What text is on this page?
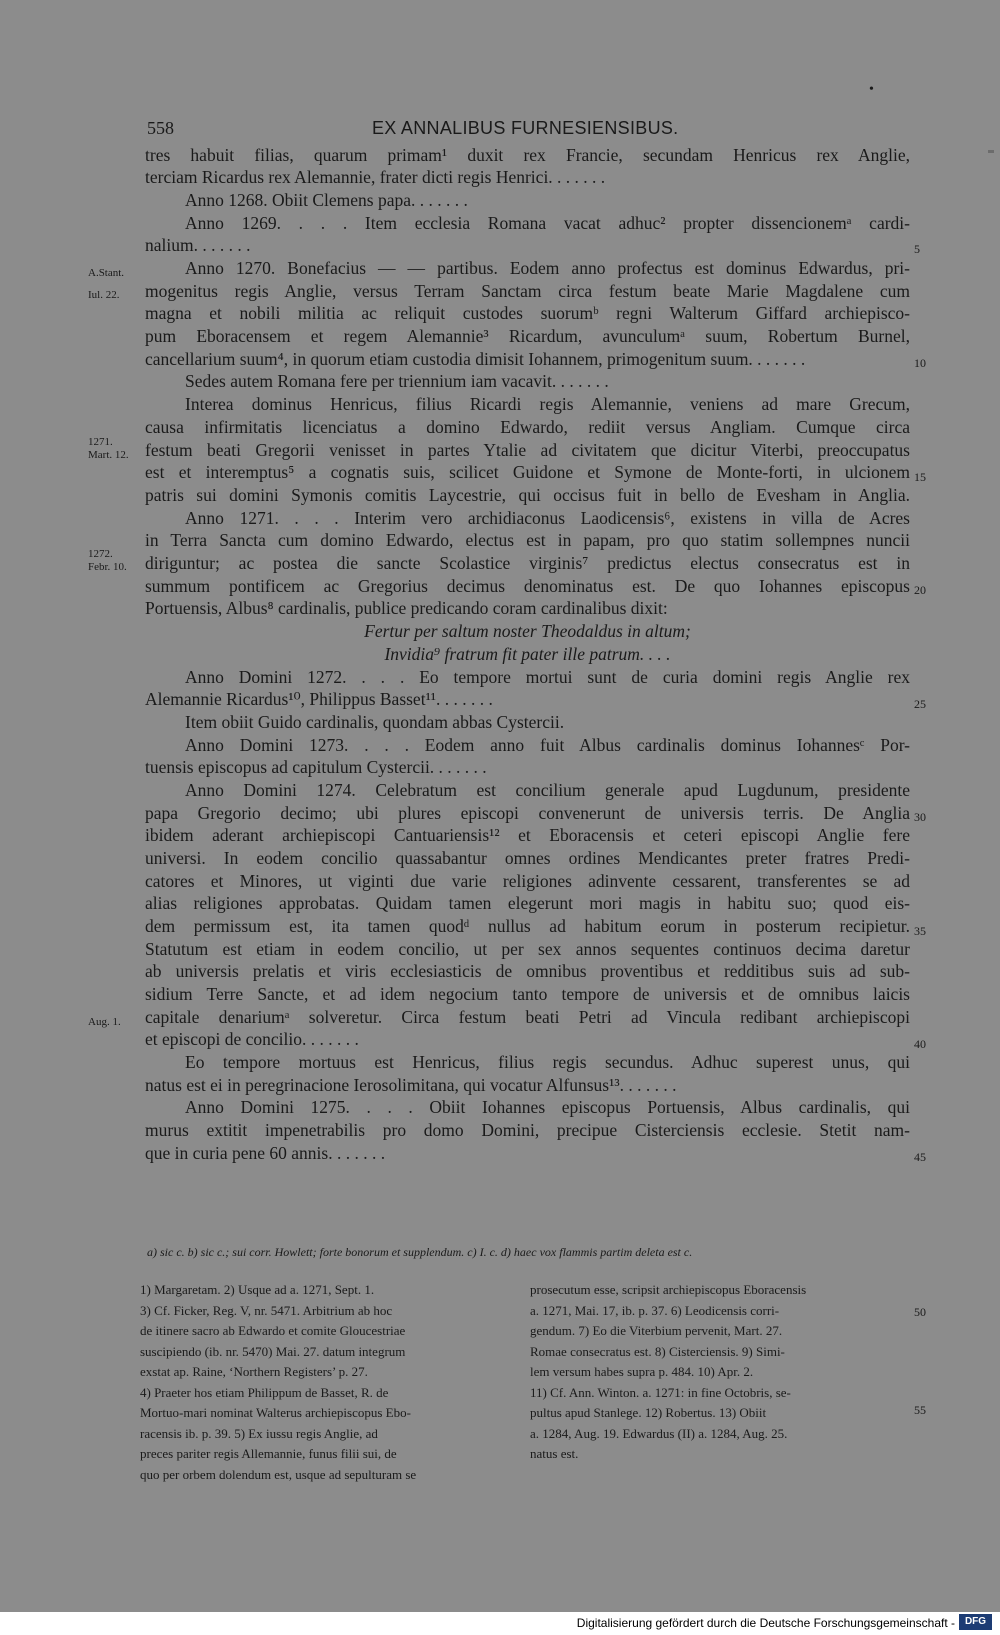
558	EX ANNALIBUS FURNESIENSIBUS.
•
tres habuit filias, quarum primam¹ duxit rex Francie, secundam Henricus rex Anglie,
terciam Ricardus rex Alemannie, frater dicti regis Henrici. . . . . . .
Anno 1268. Obiit Clemens papa. . . . . . .
Anno 1269. . . . Item ecclesia Romana vacat adhuc² propter dissencionemᵃ cardi-
nalium. . . . . . .
Anno 1270. Bonefacius — — partibus. Eodem anno profectus est dominus Edwardus, pri-
mogenitus regis Anglie, versus Terram Sanctam circa festum beate Marie Magdalene cum
magna et nobili militia ac reliquit custodes suorumᵇ regni Walterum Giffard archiepisco-
pum Eboracensem et regem Alemannie³ Ricardum, avunculumᵃ suum, Robertum Burnel,
cancellarium suum⁴, in quorum etiam custodia dimisit Iohannem, primogenitum suum. . . . . . .
Sedes autem Romana fere per triennium iam vacavit. . . . . . .
Interea dominus Henricus, filius Ricardi regis Alemannie, veniens ad mare Grecum,
causa infirmitatis licenciatus a domino Edwardo, rediit versus Angliam. Cumque circa
festum beati Gregorii venisset in partes Ytalie ad civitatem que dicitur Viterbi, preoccupatus
est et interemptus⁵ a cognatis suis, scilicet Guidone et Symone de Monte-forti, in ulcionem
patris sui domini Symonis comitis Laycestrie, qui occisus fuit in bello de Evesham in Anglia.
Anno 1271. . . . Interim vero archidiaconus Laodicensis⁶, existens in villa de Acres
in Terra Sancta cum domino Edwardo, electus est in papam, pro quo statim sollempnes nuncii
diriguntur; ac postea die sancte Scolastice virginis⁷ predictus electus consecratus est in
summum pontificem ac Gregorius decimus denominatus est. De quo Iohannes episcopus
Portuensis, Albus⁸ cardinalis, publice predicando coram cardinalibus dixit:
Fertur per saltum noster Theodaldus in altum;
Invidia⁹ fratrum fit pater ille patrum. . . .
Anno Domini 1272. . . . Eo tempore mortui sunt de curia domini regis Anglie rex
Alemannie Ricardus¹⁰, Philippus Basset¹¹. . . . . . .
Item obiit Guido cardinalis, quondam abbas Cystercii.
Anno Domini 1273. . . . Eodem anno fuit Albus cardinalis dominus Iohannesᶜ Por-
tuensis episcopus ad capitulum Cystercii. . . . . . .
Anno Domini 1274. Celebratum est concilium generale apud Lugdunum, presidente
papa Gregorio decimo; ubi plures episcopi convenerunt de universis terris. De Anglia
ibidem aderant archiepiscopi Cantuariensis¹² et Eboracensis et ceteri episcopi Anglie fere
universi. In eodem concilio quassabantur omnes ordines Mendicantes preter fratres Predi-
catores et Minores, ut viginti due varie religiones adinvente cessarent, transferentes se ad
alias religiones approbatas. Quidam tamen elegerunt mori magis in habitu suo; quod eis-
dem permissum est, ita tamen quodᵈ nullus ad habitum eorum in posterum recipietur.
Statutum est etiam in eodem concilio, ut per sex annos sequentes continuos decima daretur
ab universis prelatis et viris ecclesiasticis de omnibus proventibus et redditibus suis ad sub-
sidium Terre Sancte, et ad idem negocium tanto tempore de universis et de omnibus laicis
capitale denariumᵃ solveretur. Circa festum beati Petri ad Vincula redibant archiepiscopi
et episcopi de concilio. . . . . . .
Eo tempore mortuus est Henricus, filius regis secundus. Adhuc superest unus, qui
natus est ei in peregrinacione Ierosolimitana, qui vocatur Alfunsus¹³. . . . . . .
Anno Domini 1275. . . . Obiit Iohannes episcopus Portuensis, Albus cardinalis, qui
murus extitit impenetrabilis pro domo Domini, precipue Cisterciensis ecclesie. Stetit nam-
que in curia pene 60 annis. . . . . . .
5
10
15
20
25
30
35
40
45
A.Stant.
Iul. 22.
1271.
Mart. 12.
1272.
Febr. 10.
Aug. 1.
a) sic c. b) sic c.; sui corr. Howlett; forte bonorum et supplendum. c) I. c. d) haec vox flammis partim deleta est c.
1) Margaretam. 2) Usque ad a. 1271, Sept. 1.
3) Cf. Ficker, Reg. V, nr. 5471. Arbitrium ab hoc
de itinere sacro ab Edwardo et comite Gloucestriae
suscipiendo (ib. nr. 5470) Mai. 27. datum integrum
exstat ap. Raine, ‘Northern Registers’ p. 27.
4) Praeter hos etiam Philippum de Basset, R. de
Mortuo-mari nominat Walterus archiepiscopus Ebo-
racensis ib. p. 39. 5) Ex iussu regis Anglie, ad
preces pariter regis Allemannie, funus filii sui, de
quo per orbem dolendum est, usque ad sepulturam se
prosecutum esse, scripsit archiepiscopus Eboracensis
a. 1271, Mai. 17, ib. p. 37. 6) Leodicensis corri-
gendum. 7) Eo die Viterbium pervenit, Mart. 27.
Romae consecratus est. 8) Cisterciensis. 9) Simi-
lem versum habes supra p. 484. 10) Apr. 2.
11) Cf. Ann. Winton. a. 1271: in fine Octobris, se-
pultus apud Stanlege. 12) Robertus. 13) Obiit
a. 1284, Aug. 19. Edwardus (II) a. 1284, Aug. 25.
natus est.
50
55
Digitalisierung gefördert durch die Deutsche Forschungsgemeinschaft - DFG
